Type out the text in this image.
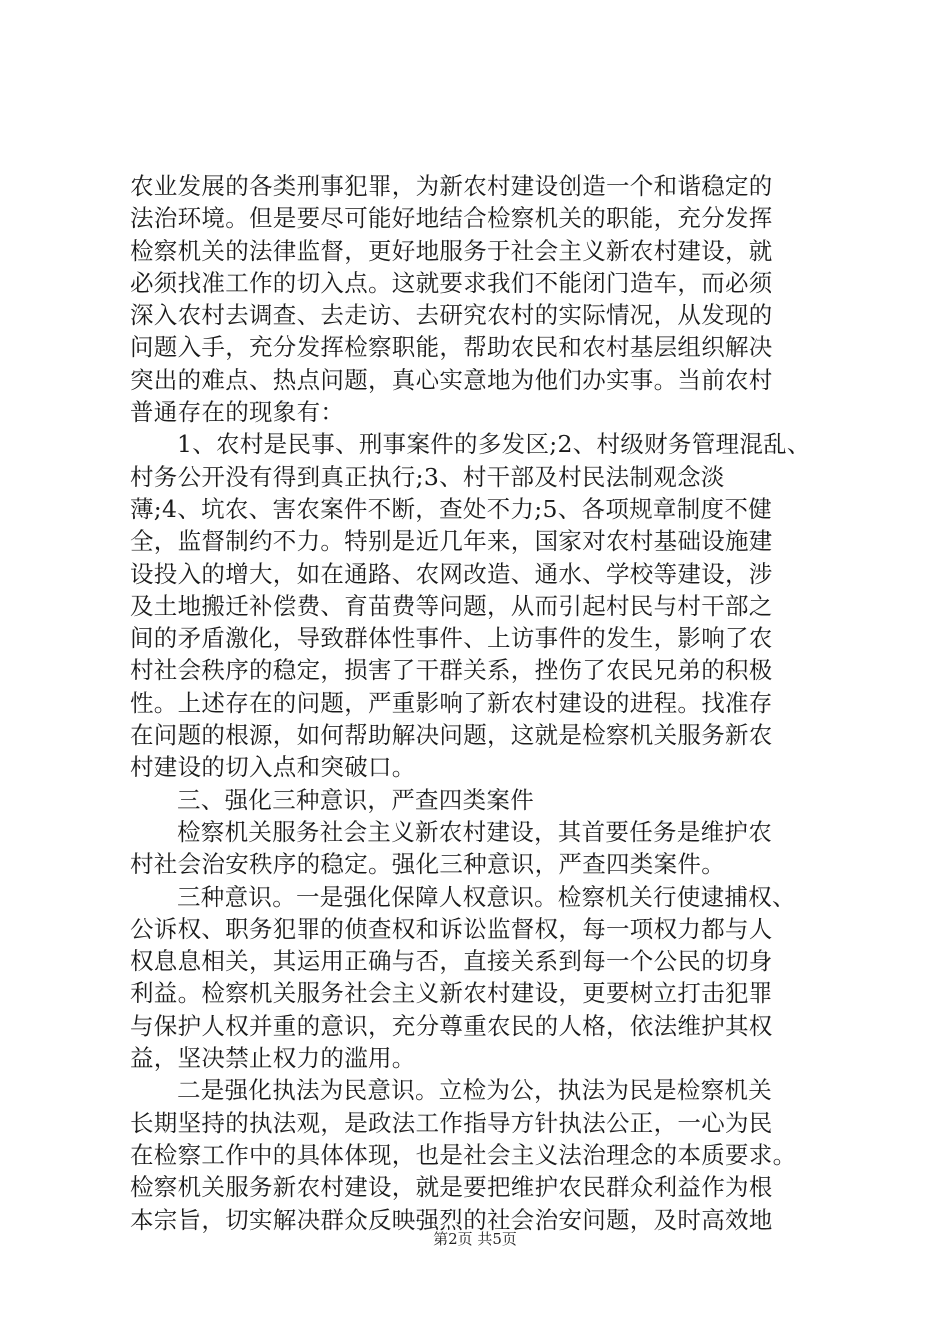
农业发展的各类刑事犯罪，为新农村建设创造一个和谐稳定的
法治环境。但是要尽可能好地结合检察机关的职能，充分发挥
检察机关的法律监督，更好地服务于社会主义新农村建设，就
必须找准工作的切入点。这就要求我们不能闭门造车，而必须
深入农村去调查、去走访、去研究农村的实际情况，从发现的
问题入手，充分发挥检察职能，帮助农民和农村基层组织解决
突出的难点、热点问题，真心实意地为他们办实事。当前农村
普通存在的现象有：
1、农村是民事、刑事案件的多发区;2、村级财务管理混乱、
村务公开没有得到真正执行;3、村干部及村民法制观念淡
薄;4、坑农、害农案件不断，查处不力;5、各项规章制度不健
全，监督制约不力。特别是近几年来，国家对农村基础设施建
设投入的增大，如在通路、农网改造、通水、学校等建设，涉
及土地搬迁补偿费、育苗费等问题，从而引起村民与村干部之
间的矛盾激化，导致群体性事件、上访事件的发生，影响了农
村社会秩序的稳定，损害了干群关系，挫伤了农民兄弟的积极
性。上述存在的问题，严重影响了新农村建设的进程。找准存
在问题的根源，如何帮助解决问题，这就是检察机关服务新农
村建设的切入点和突破口。
三、强化三种意识，严查四类案件
检察机关服务社会主义新农村建设，其首要任务是维护农
村社会治安秩序的稳定。强化三种意识，严查四类案件。
三种意识。一是强化保障人权意识。检察机关行使逮捕权、
公诉权、职务犯罪的侦查权和诉讼监督权，每一项权力都与人
权息息相关，其运用正确与否，直接关系到每一个公民的切身
利益。检察机关服务社会主义新农村建设，更要树立打击犯罪
与保护人权并重的意识，充分尊重农民的人格，依法维护其权
益，坚决禁止权力的滥用。
二是强化执法为民意识。立检为公，执法为民是检察机关
长期坚持的执法观，是政法工作指导方针执法公正，一心为民
在检察工作中的具体体现，也是社会主义法治理念的本质要求。
检察机关服务新农村建设，就是要把维护农民群众利益作为根
本宗旨，切实解决群众反映强烈的社会治安问题，及时高效地
第2页 共5页
